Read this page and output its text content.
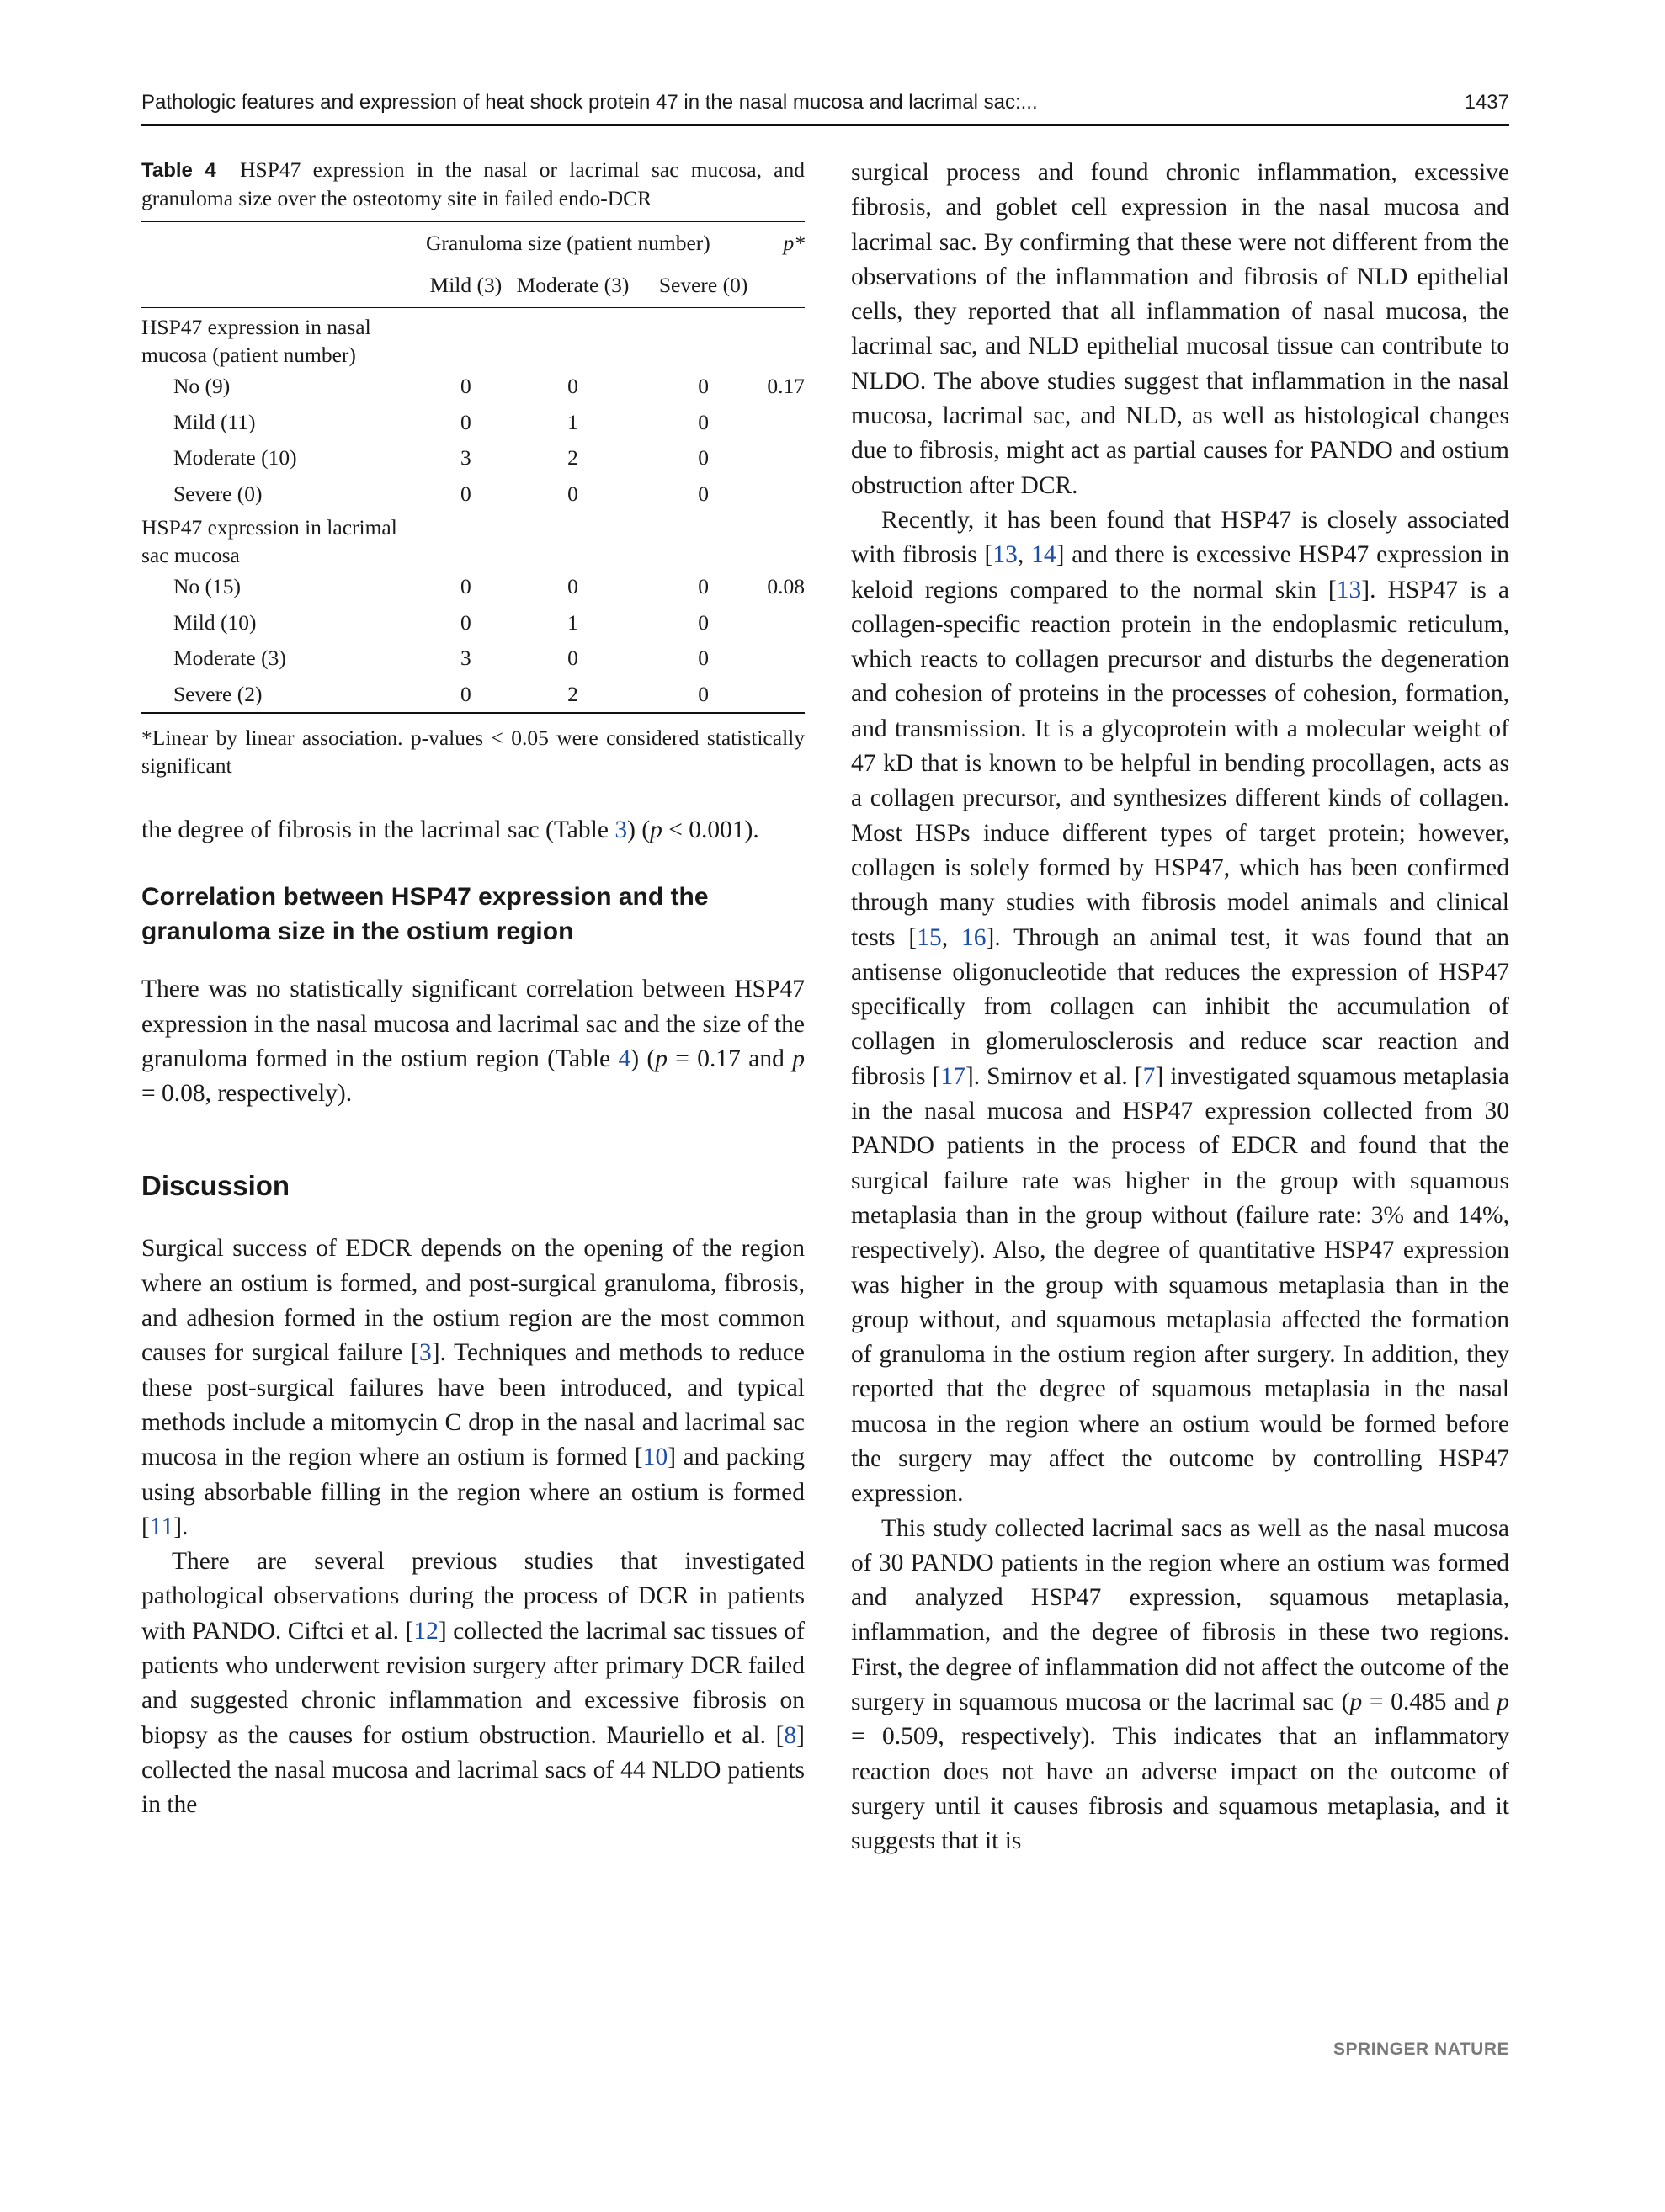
Pathologic features and expression of heat shock protein 47 in the nasal mucosa and lacrimal sac:...	1437

Table 4 HSP47 expression in the nasal or lacrimal sac mucosa, and granuloma size over the osteotomy site in failed endo-DCR

	Granuloma size (patient number)			p*
	Mild (3)	Moderate (3)	Severe (0)	

HSP47 expression in nasal mucosa (patient number)				
No (9)	0	0	0	0.17
Mild (11)	0	1	0	
Moderate (10)	3	2	0	
Severe (0)	0	0	0	
HSP47 expression in lacrimal sac mucosa				
No (15)	0	0	0	0.08
Mild (10)	0	1	0	
Moderate (3)	3	0	0	
Severe (2)	0	2	0	

*Linear by linear association. p-values < 0.05 were considered statistically significant

the degree of fibrosis in the lacrimal sac (Table 3) (p < 0.001).

Correlation between HSP47 expression and the granuloma size in the ostium region

There was no statistically significant correlation between HSP47 expression in the nasal mucosa and lacrimal sac and the size of the granuloma formed in the ostium region (Table 4) (p = 0.17 and p = 0.08, respectively).

Discussion

Surgical success of EDCR depends on the opening of the region where an ostium is formed, and post-surgical granuloma, fibrosis, and adhesion formed in the ostium region are the most common causes for surgical failure [3]. Techniques and methods to reduce these post-surgical failures have been introduced, and typical methods include a mitomycin C drop in the nasal and lacrimal sac mucosa in the region where an ostium is formed [10] and packing using absorbable filling in the region where an ostium is formed [11].

There are several previous studies that investigated pathological observations during the process of DCR in patients with PANDO. Ciftci et al. [12] collected the lacrimal sac tissues of patients who underwent revision surgery after primary DCR failed and suggested chronic inflammation and excessive fibrosis on biopsy as the causes for ostium obstruction. Mauriello et al. [8] collected the nasal mucosa and lacrimal sacs of 44 NLDO patients in the

surgical process and found chronic inflammation, excessive fibrosis, and goblet cell expression in the nasal mucosa and lacrimal sac. By confirming that these were not different from the observations of the inflammation and fibrosis of NLD epithelial cells, they reported that all inflammation of nasal mucosa, the lacrimal sac, and NLD epithelial mucosal tissue can contribute to NLDO. The above studies suggest that inflammation in the nasal mucosa, lacrimal sac, and NLD, as well as histological changes due to fibrosis, might act as partial causes for PANDO and ostium obstruction after DCR.

Recently, it has been found that HSP47 is closely associated with fibrosis [13, 14] and there is excessive HSP47 expression in keloid regions compared to the normal skin [13]. HSP47 is a collagen-specific reaction protein in the endoplasmic reticulum, which reacts to collagen precursor and disturbs the degeneration and cohesion of proteins in the processes of cohesion, formation, and transmission. It is a glycoprotein with a molecular weight of 47 kD that is known to be helpful in bending procollagen, acts as a collagen precursor, and synthesizes different kinds of collagen. Most HSPs induce different types of target protein; however, collagen is solely formed by HSP47, which has been confirmed through many studies with fibrosis model animals and clinical tests [15, 16]. Through an animal test, it was found that an antisense oligonucleotide that reduces the expression of HSP47 specifically from collagen can inhibit the accumulation of collagen in glomerulosclerosis and reduce scar reaction and fibrosis [17]. Smirnov et al. [7] investigated squamous metaplasia in the nasal mucosa and HSP47 expression collected from 30 PANDO patients in the process of EDCR and found that the surgical failure rate was higher in the group with squamous metaplasia than in the group without (failure rate: 3% and 14%, respectively). Also, the degree of quantitative HSP47 expression was higher in the group with squamous metaplasia than in the group without, and squamous metaplasia affected the formation of granuloma in the ostium region after surgery. In addition, they reported that the degree of squamous metaplasia in the nasal mucosa in the region where an ostium would be formed before the surgery may affect the outcome by controlling HSP47 expression.

This study collected lacrimal sacs as well as the nasal mucosa of 30 PANDO patients in the region where an ostium was formed and analyzed HSP47 expression, squamous metaplasia, inflammation, and the degree of fibrosis in these two regions. First, the degree of inflammation did not affect the outcome of the surgery in squamous mucosa or the lacrimal sac (p = 0.485 and p = 0.509, respectively). This indicates that an inflammatory reaction does not have an adverse impact on the outcome of surgery until it causes fibrosis and squamous metaplasia, and it suggests that it is

SPRINGER NATURE
